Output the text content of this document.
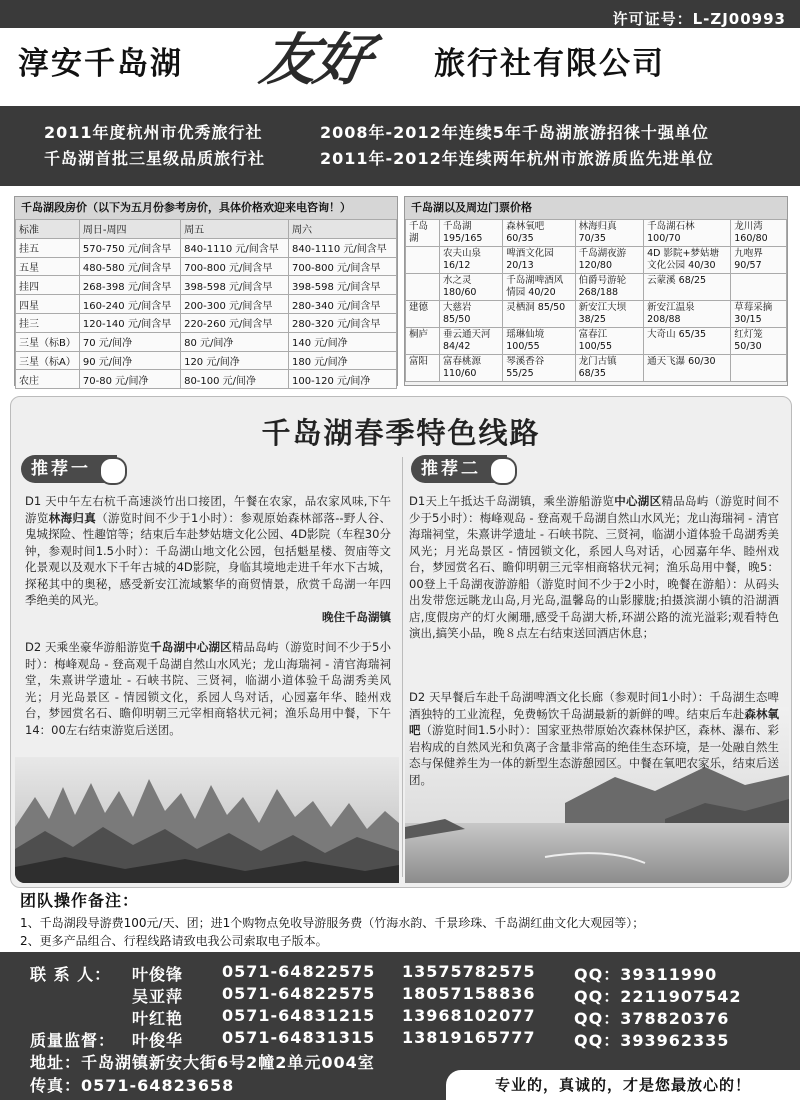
许可证号：L-ZJ00993
淳安千岛湖 友好 旅行社有限公司
2011年度杭州市优秀旅行社	2008年-2012年连续5年千岛湖旅游招徕十强单位
千岛湖首批三星级品质旅行社	2011年-2012年连续两年杭州市旅游质监先进单位
千岛湖段房价（以下为五月份参考房价，具体价格欢迎来电咨询！）
标准	周日-周四	周五	周六
挂五	570-750 元/间含早	840-1110 元/间含早	840-1110 元/间含早
五星	480-580 元/间含早	700-800 元/间含早	700-800 元/间含早
挂四	268-398 元/间含早	398-598 元/间含早	398-598 元/间含早
四星	160-240 元/间含早	200-300 元/间含早	280-340 元/间含早
挂三	120-140 元/间含早	220-260 元/间含早	280-320 元/间含早
三星（标B）	70 元/间净	80 元/间净	140 元/间净
三星（标A）	90 元/间净	120 元/间净	180 元/间净
农庄	70-80 元/间净	80-100 元/间净	100-120 元/间净
千岛湖以及周边门票价格
千岛湖	千岛湖 195/165	森林氧吧 60/35	林海归真 70/35	千岛湖石林 100/70	龙川湾 160/80
	农夫山泉 16/12	啤酒文化园 20/13	千岛湖夜游 120/80	4D 影院+梦姑塘文化公园 40/30	九咆界 90/57
	水之灵 180/60	千岛湖啤酒风情园 40/20	伯爵号游轮 268/188	云蒙溪 68/25	
建德	大慈岩 85/50	灵栖洞 85/50	新安江大坝 38/25	新安江温泉 208/88	草莓采摘 30/15
桐庐	垂云通天河 84/42	瑶琳仙境 100/55	富春江 100/55	大奇山 65/35	红灯笼 50/30
富阳	富春桃源 110/60	琴溪香谷 55/25	龙门古镇 68/35	通天飞瀑 60/30	
千岛湖春季特色线路
推荐一	推荐二
D1 天中午左右杭千高速淡竹出口接团，午餐在农家，品农家风味,下午游览林海归真（游览时间不少于1小时）：参观原始森林部落--野人谷、鬼城探险、性趣馆等；结束后车赴梦姑塘文化公园、4D影院（车程30分钟，参观时间1.5小时）：千岛湖山地文化公园，包括魁星楼、贺庙等文化景观以及观水下千年古城的4D影院，身临其境地走进千年水下古城，探秘其中的奥秘，感受新安江流域繁华的商贸情景，欣赏千岛湖一年四季绝美的风光。
晚住千岛湖镇
D2 天乘坐豪华游船游览千岛湖中心湖区精品岛屿（游览时间不少于5小时）：梅峰观岛 - 登高观千岛湖自然山水风光；龙山海瑞祠 - 清官海瑞祠堂，朱熹讲学遗址 - 石峡书院、三贤祠，临湖小道体验千岛湖秀美风光；月光岛景区 - 情园锁文化，系园人鸟对话，心园嘉年华、睦州戏台，梦园赏名石、瞻仰明朝三元宰相商辂状元祠；渔乐岛用中餐，下午14：00左右结束游览后送团。
D1天上午抵达千岛湖镇，乘坐游船游览中心湖区精品岛屿（游览时间不少于5小时）：梅峰观岛 - 登高观千岛湖自然山水风光；龙山海瑞祠 - 清官海瑞祠堂，朱熹讲学遗址 - 石峡书院、三贤祠，临湖小道体验千岛湖秀美风光；月光岛景区 - 情园锁文化，系园人鸟对话，心园嘉年华、睦州戏台，梦园赏名石、瞻仰明朝三元宰相商辂状元祠；渔乐岛用中餐，晚5：00登上千岛湖夜游游船（游览时间不少于2小时，晚餐在游船）：从码头出发带您远眺龙山岛,月光岛,温馨岛的山影朦胧;拍摄滨湖小镇的沿湖酒店,度假房产的灯火阑珊,感受千岛湖大桥,环湖公路的流光溢彩;观看特色演出,搞笑小品，晚８点左右结束送回酒店休息；
D2 天早餐后车赴千岛湖啤酒文化长廊（参观时间1小时）：千岛湖生态啤酒独特的工业流程，免费畅饮千岛湖最新的新鲜的啤。结束后车赴森林氧吧（游览时间1.5小时）：国家亚热带原始次森林保护区，森林、瀑布、彩岩构成的自然风光和负离子含量非常高的绝佳生态环境，是一处融自然生态与保健养生为一体的新型生态游憩园区。中餐在氧吧农家乐，结束后送团。
团队操作备注：
1、千岛湖段导游费100元/天、团；进1个购物点免收导游服务费（竹海水韵、千景珍珠、千岛湖红曲文化大观园等）；
2、更多产品组合、行程线路请致电我公司索取电子版本。
联 系 人：
质量监督：
叶俊锋 0571-64822575 13575782575 QQ：39311990
吴亚萍 0571-64822575 18057158836 QQ：2211907542
叶红艳 0571-64831215 13968102077 QQ：378820376
叶俊华 0571-64831315 13819165777 QQ：393962335
地址：千岛湖镇新安大街6号2幢2单元004室
传真：0571-64823658	专业的，真诚的，才是您最放心的！
